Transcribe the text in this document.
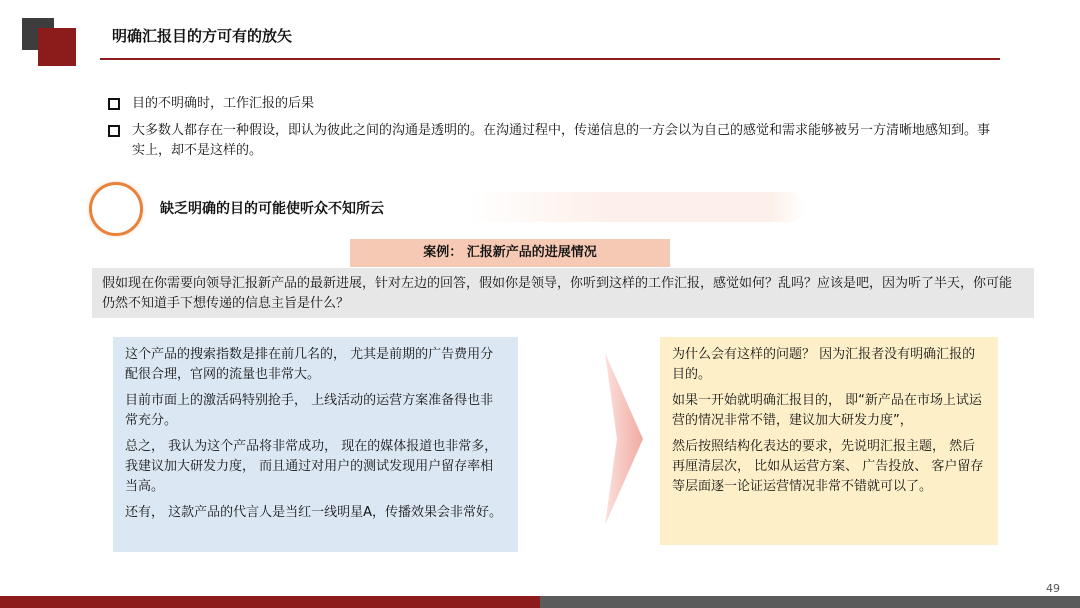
明确汇报目的方可有的放矢
目的不明确时，工作汇报的后果
大多数人都存在一种假设，即认为彼此之间的沟通是透明的。在沟通过程中，传递信息的一方会以为自己的感觉和需求能够被另一方清晰地感知到。事实上，却不是这样的。
缺乏明确的目的可能使听众不知所云
案例： 汇报新产品的进展情况
假如现在你需要向领导汇报新产品的最新进展，针对左边的回答，假如你是领导，你听到这样的工作汇报，感觉如何？乱吗？应该是吧，因为听了半天，你可能仍然不知道手下想传递的信息主旨是什么？

这个产品的搜索指数是排在前几名的， 尤其是前期的广告费用分配很合理，官网的流量也非常大。

目前市面上的激活码特别抢手， 上线活动的运营方案准备得也非常充分。

总之， 我认为这个产品将非常成功， 现在的媒体报道也非常多， 我建议加大研发力度， 而且通过对用户的测试发现用户留存率相当高。

还有， 这款产品的代言人是当红一线明星A，传播效果会非常好。

为什么会有这样的问题？ 因为汇报者没有明确汇报的目的。

如果一开始就明确汇报目的， 即“新产品在市场上试运营的情况非常不错，建议加大研发力度”，

然后按照结构化表达的要求，先说明汇报主题， 然后再厘清层次， 比如从运营方案、 广告投放、 客户留存等层面逐一论证运营情况非常不错就可以了。

49
